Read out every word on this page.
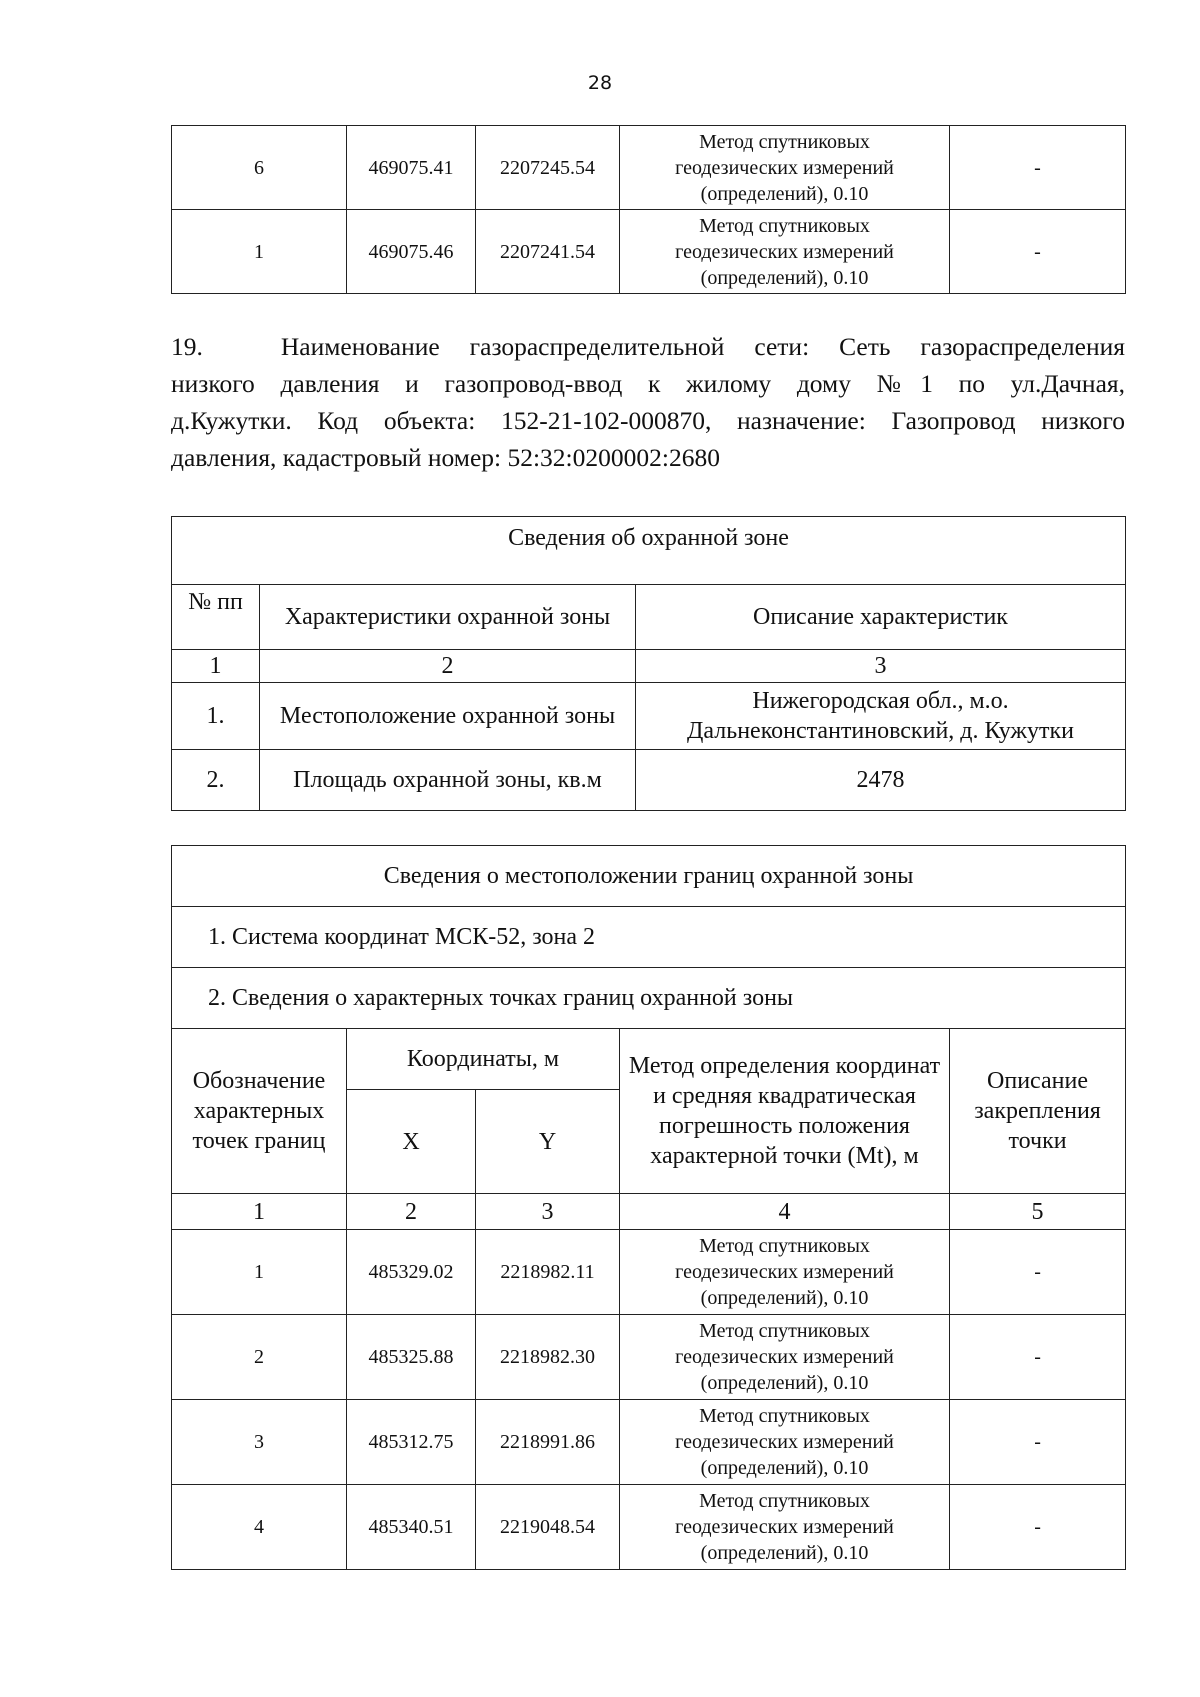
28
6	469075.41	2207245.54	Метод спутниковых
геодезических измерений
(определений), 0.10	-
1	469075.46	2207241.54	Метод спутниковых
геодезических измерений
(определений), 0.10	-
19.	Наименование газораспределительной сети: Сеть газораспределения
низкого давления и газопровод-ввод к жилому дому №1 по ул.Дачная,
д.Кужутки. Код объекта: 152-21-102-000870, назначение: Газопровод низкого
давления, кадастровый номер: 52:32:0200002:2680
Сведения об охранной зоне		
№ пп	Характеристики охранной зоны	Описание характеристик
1	2	3
1.	Местоположение охранной зоны	Нижегородская обл., м.о. Дальнеконстантиновский, д. Кужутки
2.	Площадь охранной зоны, кв.м	2478
Сведения о местоположении границ охранной зоны				
1. Система координат МСК-52, зона 2				
2. Сведения о характерных точках границ охранной зоны				
Обозначение характерных точек границ	Координаты, м		Метод определения координат и средняя квадратическая погрешность положения характерной точки (Mt), м	Описание закрепления точки
	X	Y		
1	2	3	4	5
1	485329.02	2218982.11	Метод спутниковых
геодезических измерений
(определений), 0.10	-
2	485325.88	2218982.30	Метод спутниковых
геодезических измерений
(определений), 0.10	-
3	485312.75	2218991.86	Метод спутниковых
геодезических измерений
(определений), 0.10	-
4	485340.51	2219048.54	Метод спутниковых
геодезических измерений
(определений), 0.10	-
